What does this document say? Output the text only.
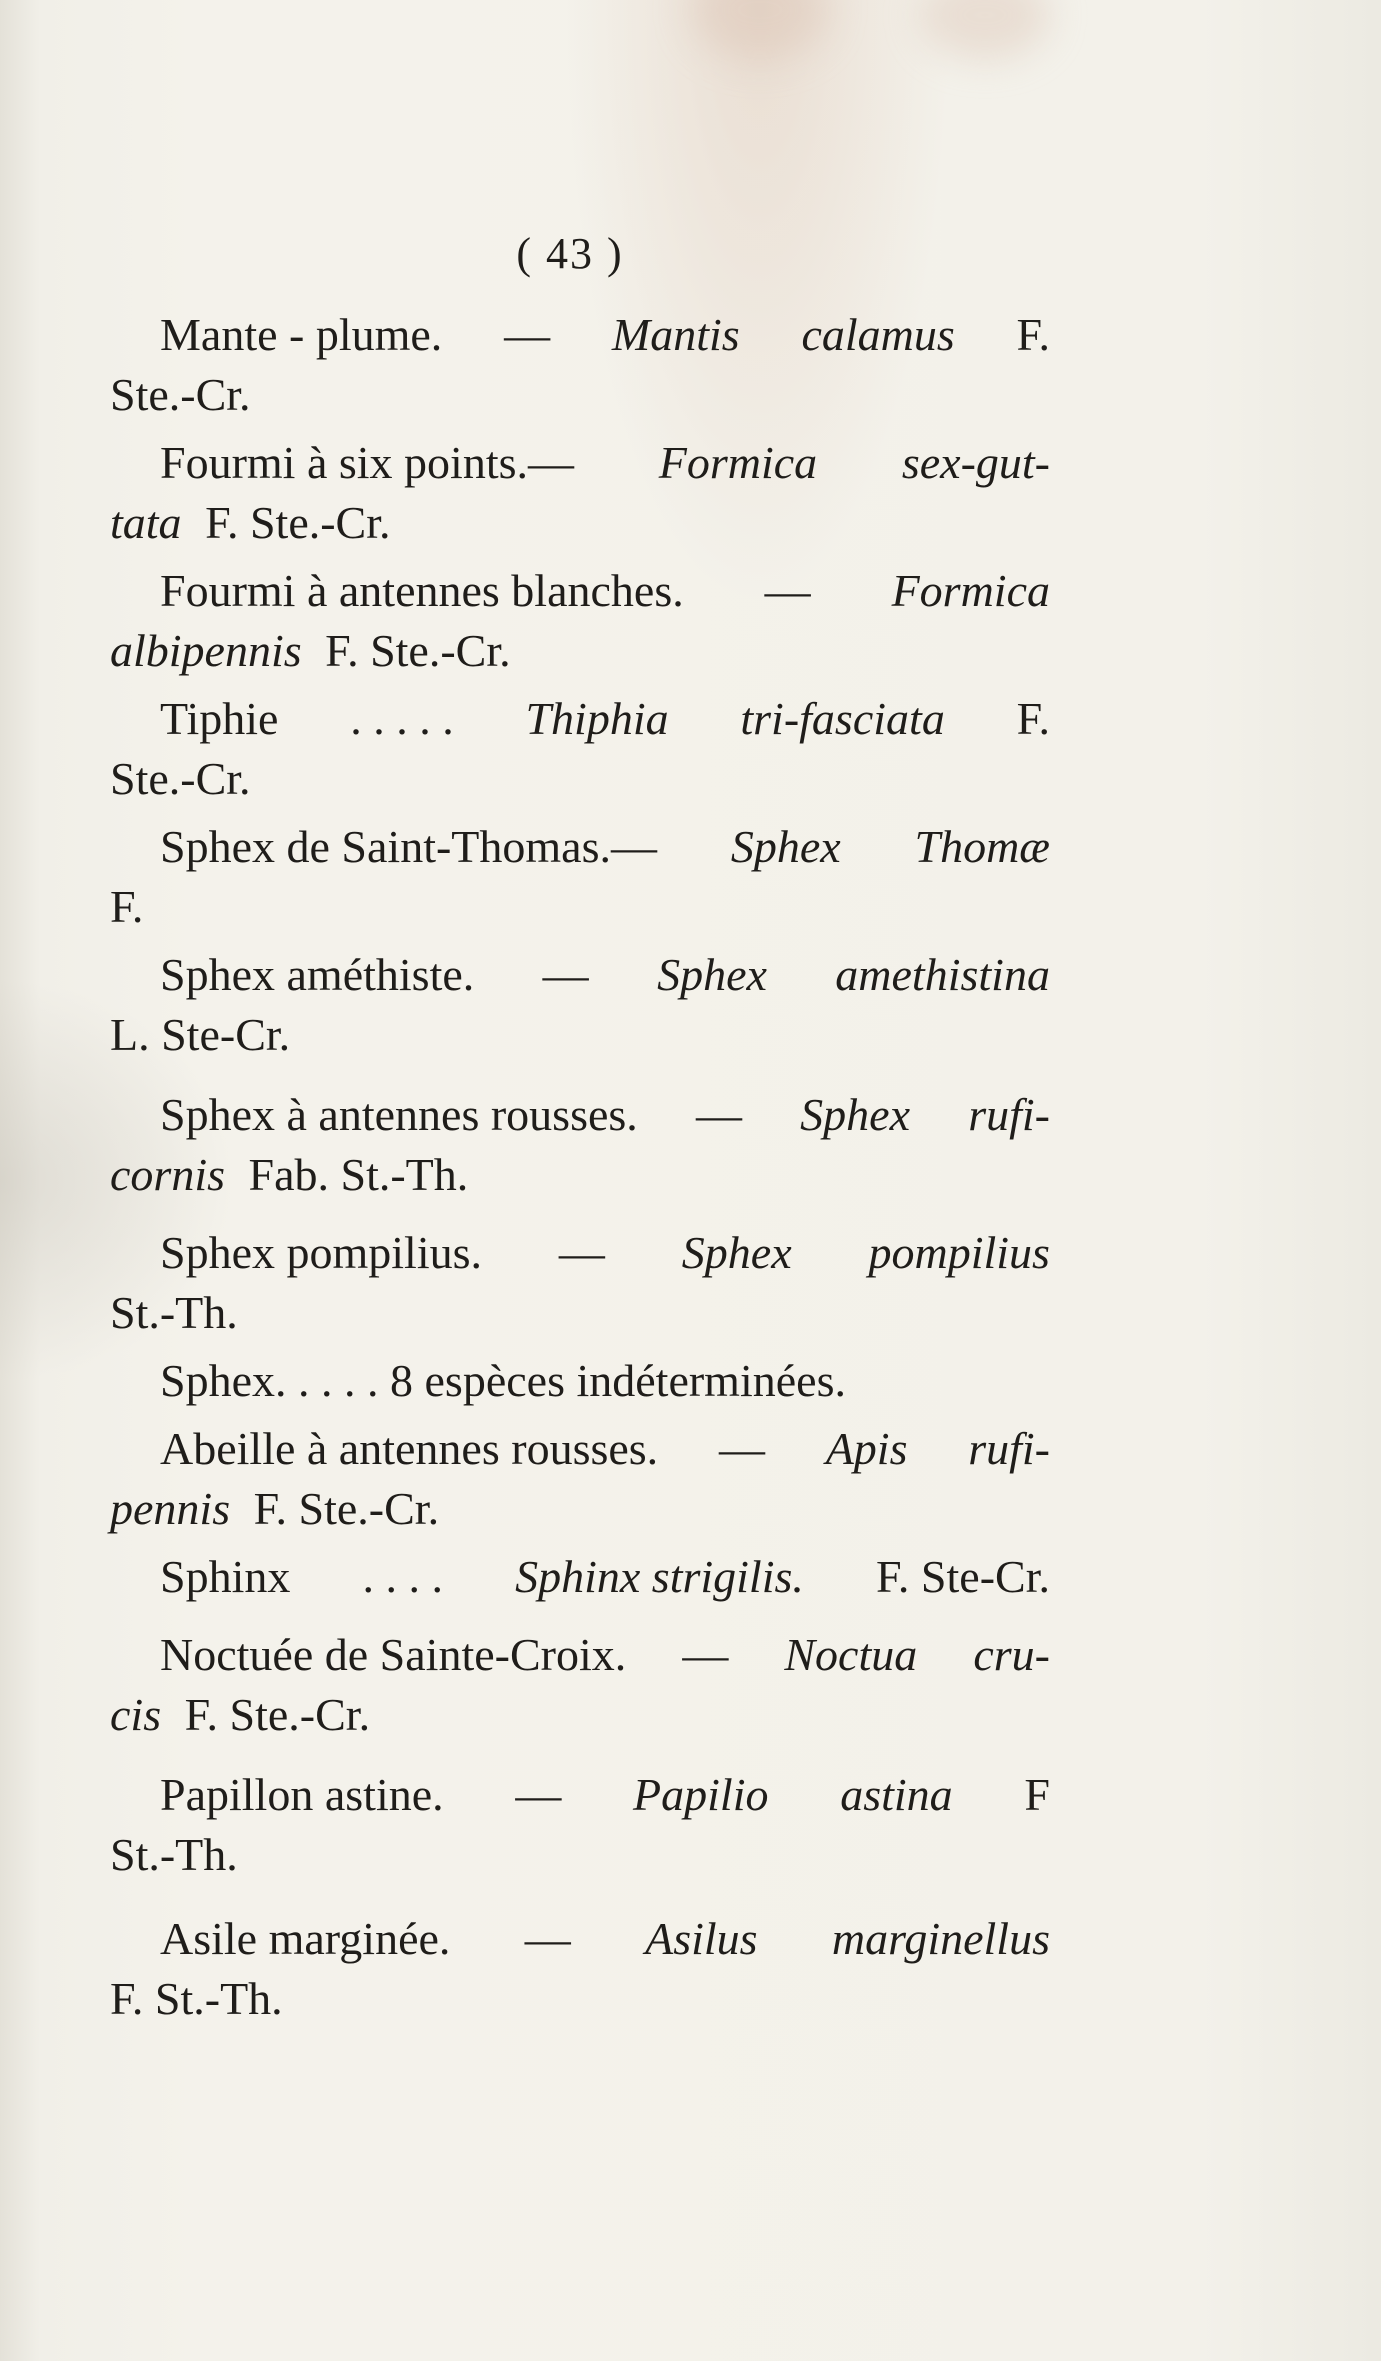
( 43 )
Mante - plume. — Mantis calamus F.
Ste.-Cr.
Fourmi à six points.— Formica sex-gut-
tata F. Ste.-Cr.
Fourmi à antennes blanches. — Formica
albipennis F. Ste.-Cr.
Tiphie . . . . . Thiphia tri-fasciata F.
Ste.-Cr.
Sphex de Saint-Thomas.— Sphex Thomæ
F.
Sphex améthiste. — Sphex amethistina
L. Ste-Cr.
Sphex à antennes rousses. — Sphex rufi-
cornis Fab. St.-Th.
Sphex pompilius. — Sphex pompilius
St.-Th.
Sphex. . . . . 8 espèces indéterminées.
Abeille à antennes rousses. — Apis rufi-
pennis F. Ste.-Cr.
Sphinx . . . . Sphinx strigilis. F. Ste-Cr.
Noctuée de Sainte-Croix. — Noctua cru-
cis F. Ste.-Cr.
Papillon astine. — Papilio astina F
St.-Th.
Asile marginée. — Asilus marginellus
F. St.-Th.
